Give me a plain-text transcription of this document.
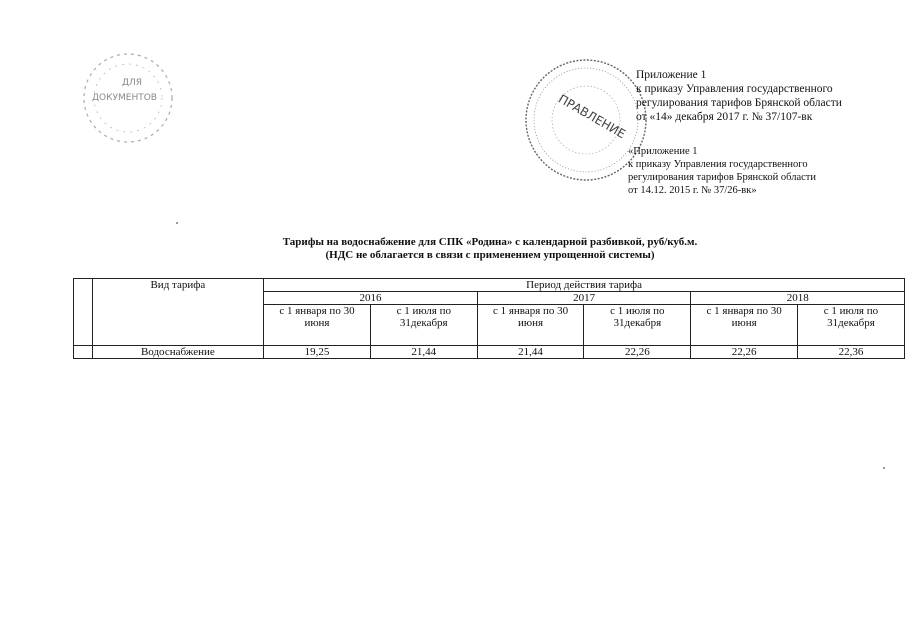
ДЛЯ
ДОКУМЕНТОВ	ПРАВЛЕНИЕ
Приложение 1
к приказу Управления государственного
регулирования тарифов Брянской области
от «14» декабря 2017 г. № 37/107-вк
«Приложение 1
к приказу Управления государственного
регулирования тарифов Брянской области
от 14.12. 2015 г. № 37/26-вк»
Тарифы на водоснабжение для СПК «Родина» с календарной разбивкой, руб/куб.м.
(НДС не облагается в связи с применением упрощенной системы)
	Вид тарифа	Период действия тарифа					
		2016		2017		2018	
		с 1 января по 30 июня	с 1 июля по 31декабря	с 1 января по 30 июня	с 1 июля по 31декабря	с 1 января по 30 июня	с 1 июля по 31декабря
	Водоснабжение	19,25	21,44	21,44	22,26	22,26	22,36
